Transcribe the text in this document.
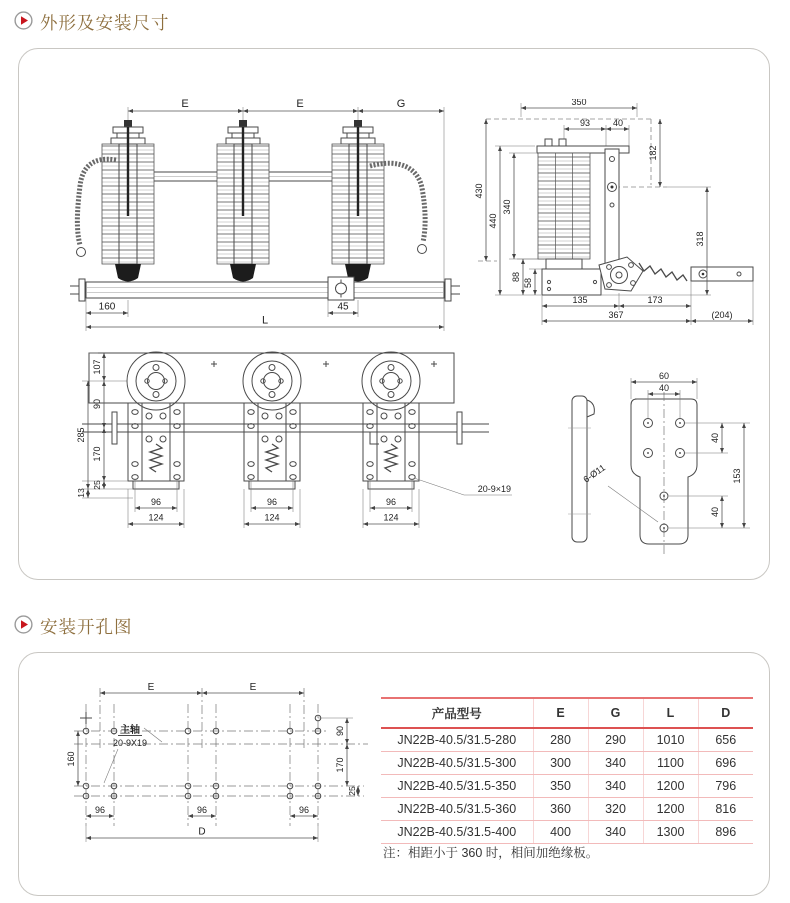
外形及安装尺寸
E	E	G
160	45
L
350
93	40
182
430
440
340
88
58
318
135	173
367	(204)
107
90
170
25
285
13
96
124
96
124
96
124
20-9×19
60
40
40
40
153
6-Ø11
安装开孔图
E	E
90
170
25
160
96	96	96
D
主轴
20-9X19
产品型号	E	G	L	D
JN22B-40.5/31.5-280	280	290	1010	656
JN22B-40.5/31.5-300	300	340	1100	696
JN22B-40.5/31.5-350	350	340	1200	796
JN22B-40.5/31.5-360	360	320	1200	816
JN22B-40.5/31.5-400	400	340	1300	896
注：相距小于 360 时，相间加绝缘板。
